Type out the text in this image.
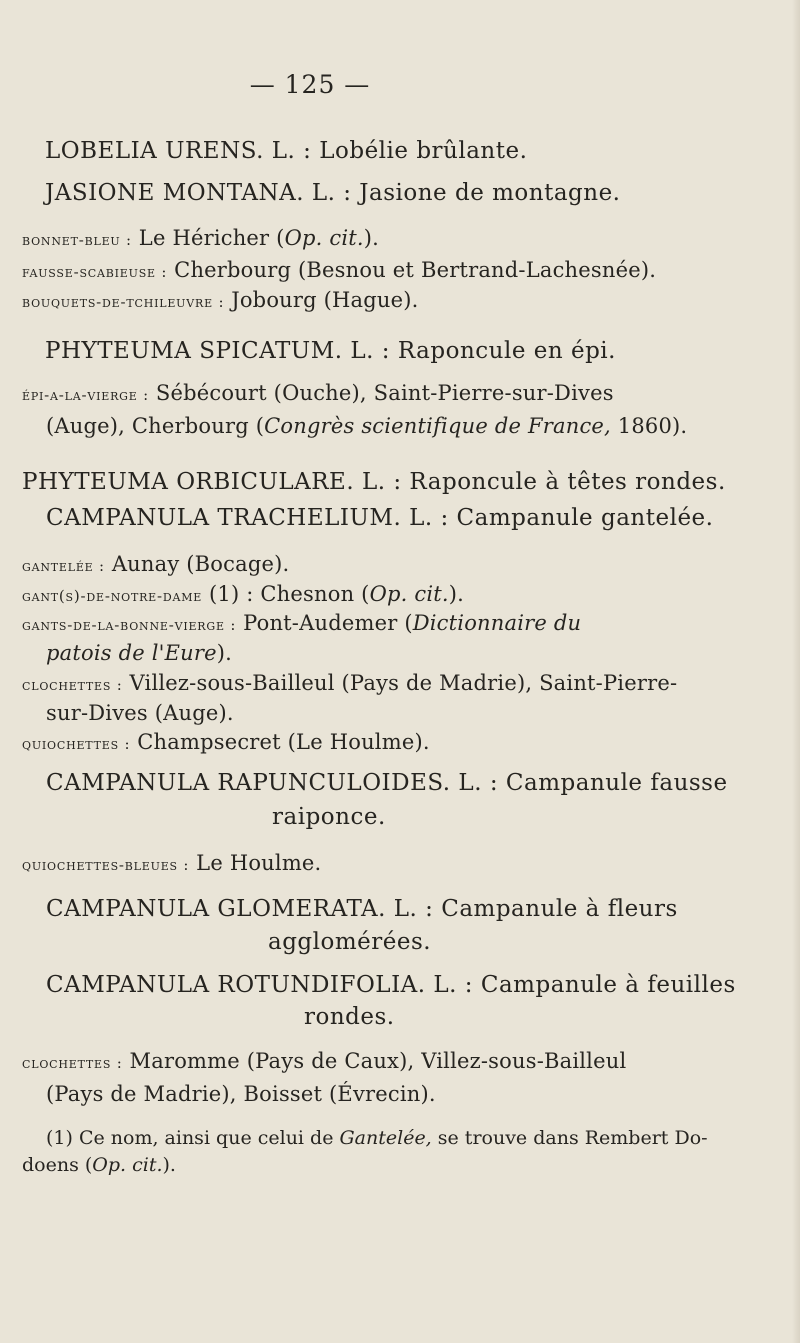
— 125 —

LOBELIA URENS. L. : Lobélie brûlante.

JASIONE MONTANA. L. : Jasione de montagne.

bonnet-bleu : Le Héricher (Op. cit.).

fausse-scabieuse : Cherbourg (Besnou et Bertrand-Lachesnée).

bouquets-de-tchileuvre : Jobourg (Hague).

PHYTEUMA SPICATUM. L. : Raponcule en épi.

épi-a-la-vierge : Sébécourt (Ouche), Saint-Pierre-sur-Dives

(Auge), Cherbourg (Congrès scientifique de France, 1860).

PHYTEUMA ORBICULARE. L. : Raponcule à têtes rondes.

CAMPANULA TRACHELIUM. L. : Campanule gantelée.

gantelée : Aunay (Bocage).

gant(s)-de-notre-dame (1) : Chesnon (Op. cit.).

gants-de-la-bonne-vierge : Pont-Audemer (Dictionnaire du

patois de l'Eure).

clochettes : Villez-sous-Bailleul (Pays de Madrie), Saint-Pierre-

sur-Dives (Auge).

quiochettes : Champsecret (Le Houlme).

CAMPANULA RAPUNCULOIDES. L. : Campanule fausse

raiponce.

quiochettes-bleues : Le Houlme.

CAMPANULA GLOMERATA. L. : Campanule à fleurs

agglomérées.

CAMPANULA ROTUNDIFOLIA. L. : Campanule à feuilles

rondes.

clochettes : Maromme (Pays de Caux), Villez-sous-Bailleul

(Pays de Madrie), Boisset (Évrecin).

(1) Ce nom, ainsi que celui de Gantelée, se trouve dans Rembert Do-

doens (Op. cit.).
